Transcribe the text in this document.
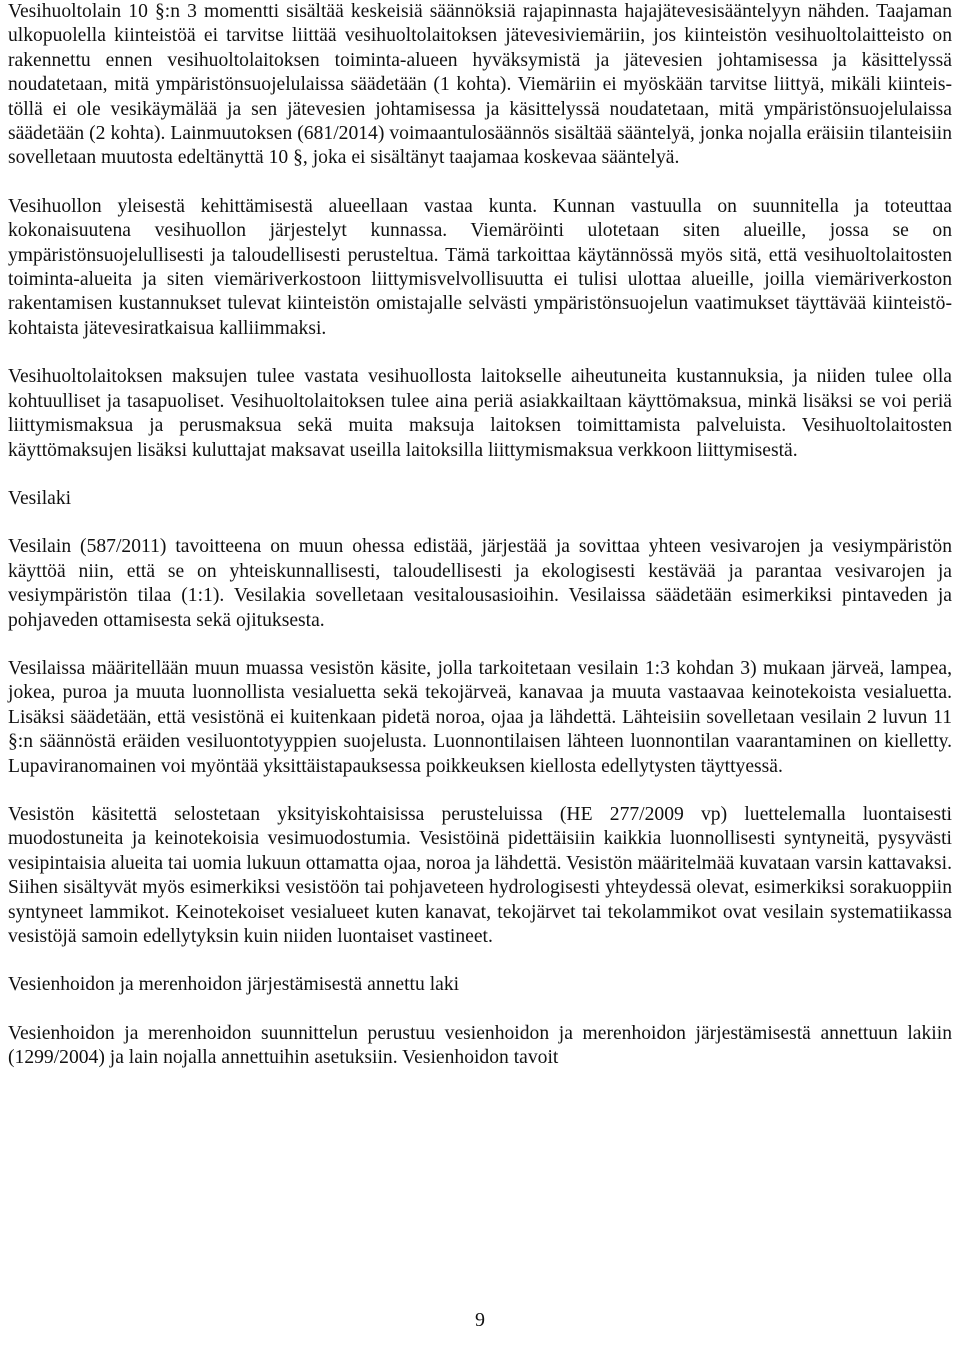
Vesihuoltolain 10 §:n 3 momentti sisältää keskeisiä säännöksiä rajapinnasta hajajätevesisääntelyyn nähden. Taajaman ulkopuolella kiinteistöä ei tarvitse liittää vesihuoltolaitoksen jätevesiviemäriin, jos kiinteistön vesihuoltolaitteisto on rakennettu ennen vesihuoltolaitoksen toiminta-alueen hyväksymistä ja jätevesien johtamisessa ja käsittelyssä noudatetaan, mitä ympäristönsuojelulaissa säädetään (1 kohta). Viemäriin ei myöskään tarvitse liittyä, mikäli kiinteistöllä ei ole vesikäymälää ja sen jätevesien johtamisessa ja käsittelyssä noudatetaan, mitä ympäristönsuojelulaissa säädetään (2 kohta). Lainmuutoksen (681/2014) voimaantulosäännös sisältää sääntelyä, jonka nojalla eräisiin tilanteisiin sovelletaan muutosta edeltänyttä 10 §, joka ei sisältänyt taajamaa koskevaa sääntelyä.

Vesihuollon yleisestä kehittämisestä alueellaan vastaa kunta. Kunnan vastuulla on suunnitella ja toteuttaa kokonaisuutena vesihuollon järjestelyt kunnassa. Viemäröinti ulotetaan siten alueille, jossa se on ympäristönsuojelullisesti ja taloudellisesti perusteltua. Tämä tarkoittaa käytännössä myös sitä, että vesihuoltolaitosten toiminta-alueita ja siten viemäriverkostoon liittymisvelvollisuutta ei tulisi ulottaa alueille, joilla viemäriverkoston rakentamisen kustannukset tulevat kiinteistön omistajalle selvästi ympäristönsuojelun vaatimukset täyttävää kiinteistökohtaista jätevesiratkaisua kalliimmaksi.

Vesihuoltolaitoksen maksujen tulee vastata vesihuollosta laitokselle aiheutuneita kustannuksia, ja niiden tulee olla kohtuulliset ja tasapuoliset. Vesihuoltolaitoksen tulee aina periä asiakkailtaan käyttömaksua, minkä lisäksi se voi periä liittymismaksua ja perusmaksua sekä muita maksuja laitoksen toimittamista palveluista. Vesihuoltolaitosten käyttömaksujen lisäksi kuluttajat maksavat useilla laitoksilla liittymismaksua verkkoon liittymisestä.

Vesilaki

Vesilain (587/2011) tavoitteena on muun ohessa edistää, järjestää ja sovittaa yhteen vesivarojen ja vesiympäristön käyttöä niin, että se on yhteiskunnallisesti, taloudellisesti ja ekologisesti kestävää ja parantaa vesivarojen ja vesiympäristön tilaa (1:1). Vesilakia sovelletaan vesitalousasioihin. Vesilaissa säädetään esimerkiksi pintaveden ja pohjaveden ottamisesta sekä ojituksesta.

Vesilaissa määritellään muun muassa vesistön käsite, jolla tarkoitetaan vesilain 1:3 kohdan 3) mukaan järveä, lampea, jokea, puroa ja muuta luonnollista vesialuetta sekä tekojärveä, kanavaa ja muuta vastaavaa keinotekoista vesialuetta. Lisäksi säädetään, että vesistönä ei kuitenkaan pidetä noroa, ojaa ja lähdettä. Lähteisiin sovelletaan vesilain 2 luvun 11 §:n säännöstä eräiden vesiluontotyyppien suojelusta. Luonnontilaisen lähteen luonnontilan vaarantaminen on kielletty. Lupaviranomainen voi myöntää yksittäistapauksessa poikkeuksen kiellosta edellytysten täyttyessä.

Vesistön käsitettä selostetaan yksityiskohtaisissa perusteluissa (HE 277/2009 vp) luettelemalla luontaisesti muodostuneita ja keinotekoisia vesimuodostumia. Vesistöinä pidettäisiin kaikkia luonnollisesti syntyneitä, pysyvästi vesipintaisia alueita tai uomia lukuun ottamatta ojaa, noroa ja lähdettä. Vesistön määritelmää kuvataan varsin kattavaksi. Siihen sisältyvät myös esimerkiksi vesistöön tai pohjaveteen hydrologisesti yhteydessä olevat, esimerkiksi sorakuoppiin syntyneet lammikot. Keinotekoiset vesialueet kuten kanavat, tekojärvet tai tekolammikot ovat vesilain systematiikassa vesistöjä samoin edellytyksin kuin niiden luontaiset vastineet.

Vesienhoidon ja merenhoidon järjestämisestä annettu laki

Vesienhoidon ja merenhoidon suunnittelun perustuu vesienhoidon ja merenhoidon järjestämisestä annettuun lakiin (1299/2004) ja lain nojalla annettuihin asetuksiin. Vesienhoidon tavoit

9
